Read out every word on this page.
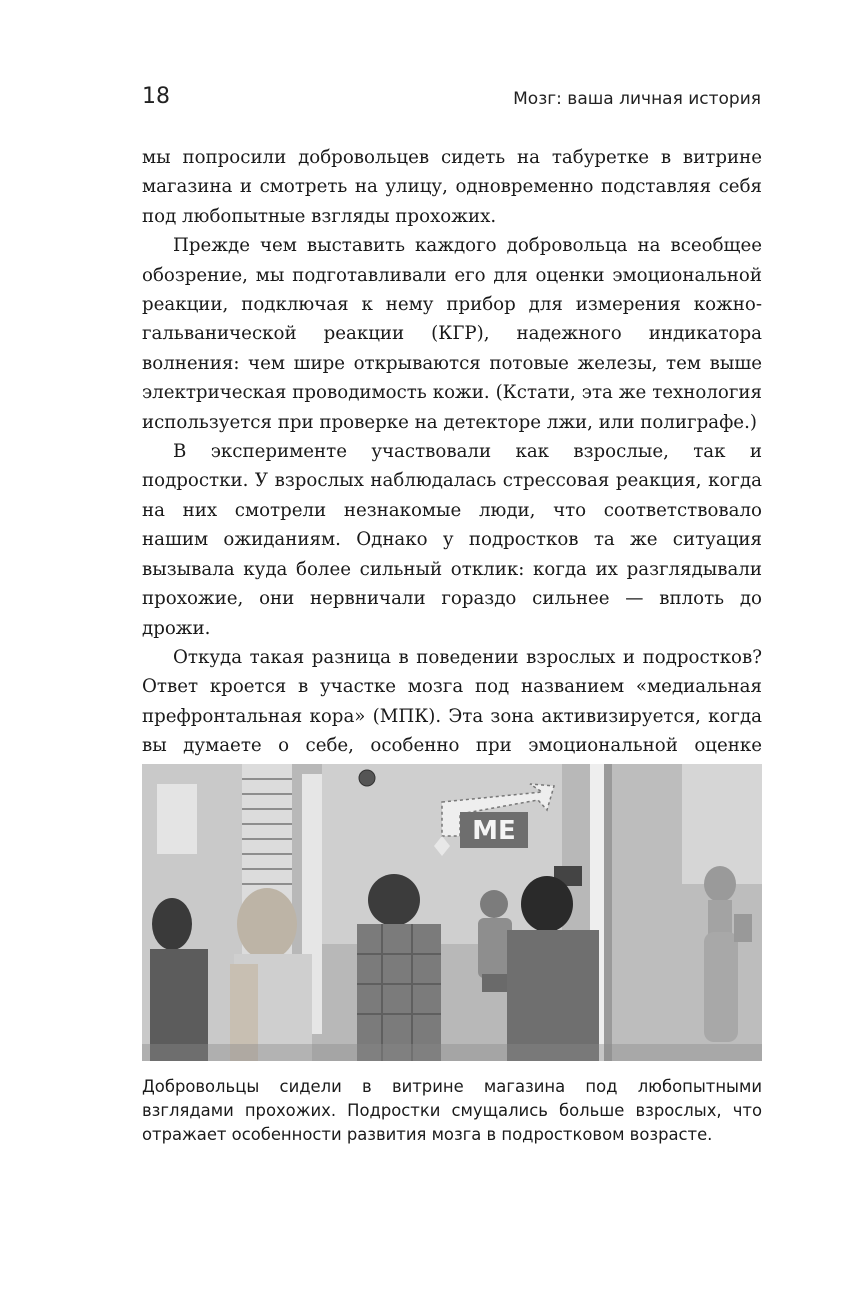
18	Мозг: ваша личная история

мы попросили добровольцев сидеть на табуретке в витрине магазина и смотреть на улицу, одновременно подставляя себя под любопытные взгляды прохожих.

Прежде чем выставить каждого добровольца на всеобщее обозрение, мы подготавливали его для оценки эмоциональной реакции, подключая к нему прибор для измерения кожно-гальванической реакции (КГР), надежного индикатора волнения: чем шире открываются потовые железы, тем выше электрическая проводимость кожи. (Кстати, эта же технология используется при проверке на детекторе лжи, или полиграфе.)

В эксперименте участвовали как взрослые, так и подростки. У взрослых наблюдалась стрессовая реакция, когда на них смотрели незнакомые люди, что соответствовало нашим ожиданиям. Однако у подростков та же ситуация вызывала куда более сильный отклик: когда их разглядывали прохожие, они нервничали гораздо сильнее — вплоть до дрожи.

Откуда такая разница в поведении взрослых и подростков? Ответ кроется в участке мозга под названием «медиальная префронтальная кора» (МПК). Эта зона активизируется, когда вы думаете о себе, особенно при эмоциональной оценке

ME
Добровольцы сидели в витрине магазина под любопытными взглядами прохожих. Подростки смущались больше взрослых, что отражает особенности развития мозга в подростковом возрасте.
